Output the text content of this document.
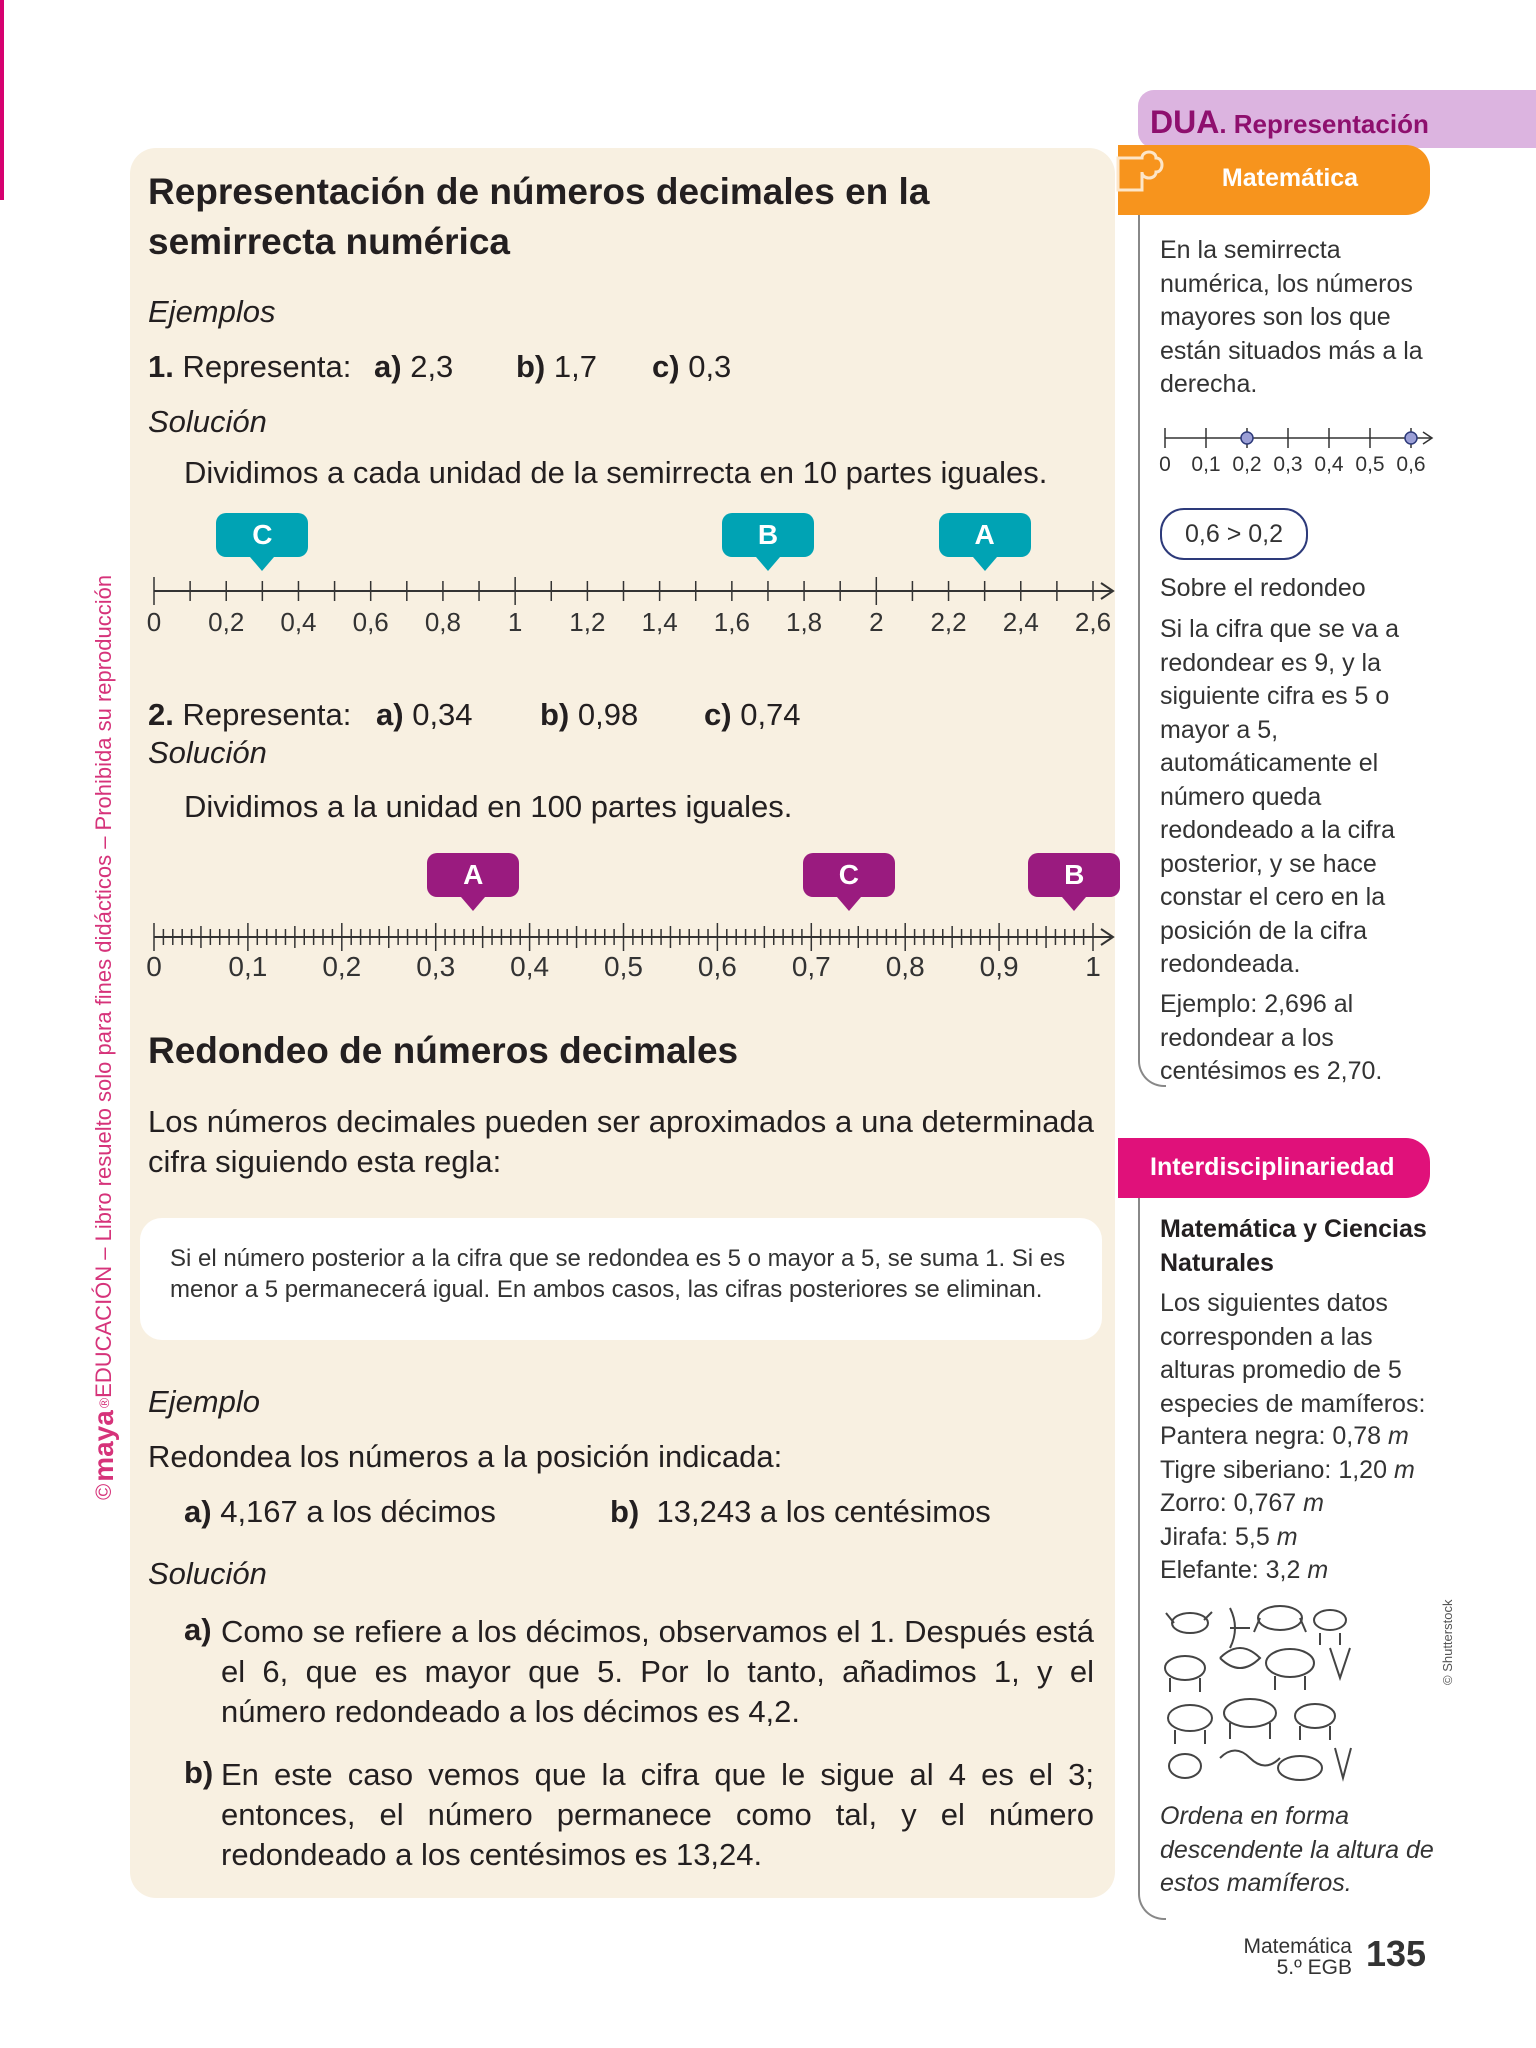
©
maya
®
EDUCACIÓN – Libro resuelto solo para fines didácticos – Prohibida su reproducción
Representación de números decimales en la semirrecta numérica
Ejemplos
1. Representa: a) 2,3 b) 1,7 c) 0,3
Solución
Dividimos a cada unidad de la semirrecta en 10 partes iguales.
0 0,2 0,4 0,6 0,8 1 1,2 1,4 1,6 1,8 2 2,2 2,4 2,6
C	B	A
2. Representa: a) 0,34 b) 0,98 c) 0,74
Solución
Dividimos a la unidad en 100 partes iguales.
0 0,1 0,2 0,3 0,4 0,5 0,6 0,7 0,8 0,9 1
A	C	B
Redondeo de números decimales
Los números decimales pueden ser aproximados a una determinada cifra siguiendo esta regla:
Si el número posterior a la cifra que se redondea es 5 o mayor a 5, se suma 1. Si es menor a 5 permanecerá igual. En ambos casos, las cifras posteriores se eliminan.
Ejemplo
Redondea los números a la posición indicada:
a) 4,167 a los décimos	b) 13,243 a los centésimos
Solución
a) Como se refiere a los décimos, observamos el 1. Después está el 6, que es mayor que 5. Por lo tanto, añadimos 1, y el número redondeado a los décimos es 4,2.
b) En este caso vemos que la cifra que le sigue al 4 es el 3; entonces, el número permanece como tal, y el número redondeado a los centésimos es 13,24.
DUA. Representación
Matemática
En la semirrecta numérica, los números mayores son los que están situados más a la derecha.
0 0,1 0,2 0,3 0,4 0,5 0,6
0,6 > 0,2
Sobre el redondeo
Si la cifra que se va a redondear es 9, y la siguiente cifra es 5 o mayor a 5, automáticamente el número queda redondeado a la cifra posterior, y se hace constar el cero en la posición de la cifra redondeada.
Ejemplo: 2,696 al redondear a los centésimos es 2,70.
Interdisciplinariedad
Matemática y Ciencias Naturales
Los siguientes datos corresponden a las alturas promedio de 5 especies de mamíferos:
Pantera negra: 0,78 m
Tigre siberiano: 1,20 m
Zorro: 0,767 m
Jirafa: 5,5 m
Elefante: 3,2 m
© Shutterstock
Ordena en forma descendente la altura de estos mamíferos.
Matemática
5.º EGB 135
